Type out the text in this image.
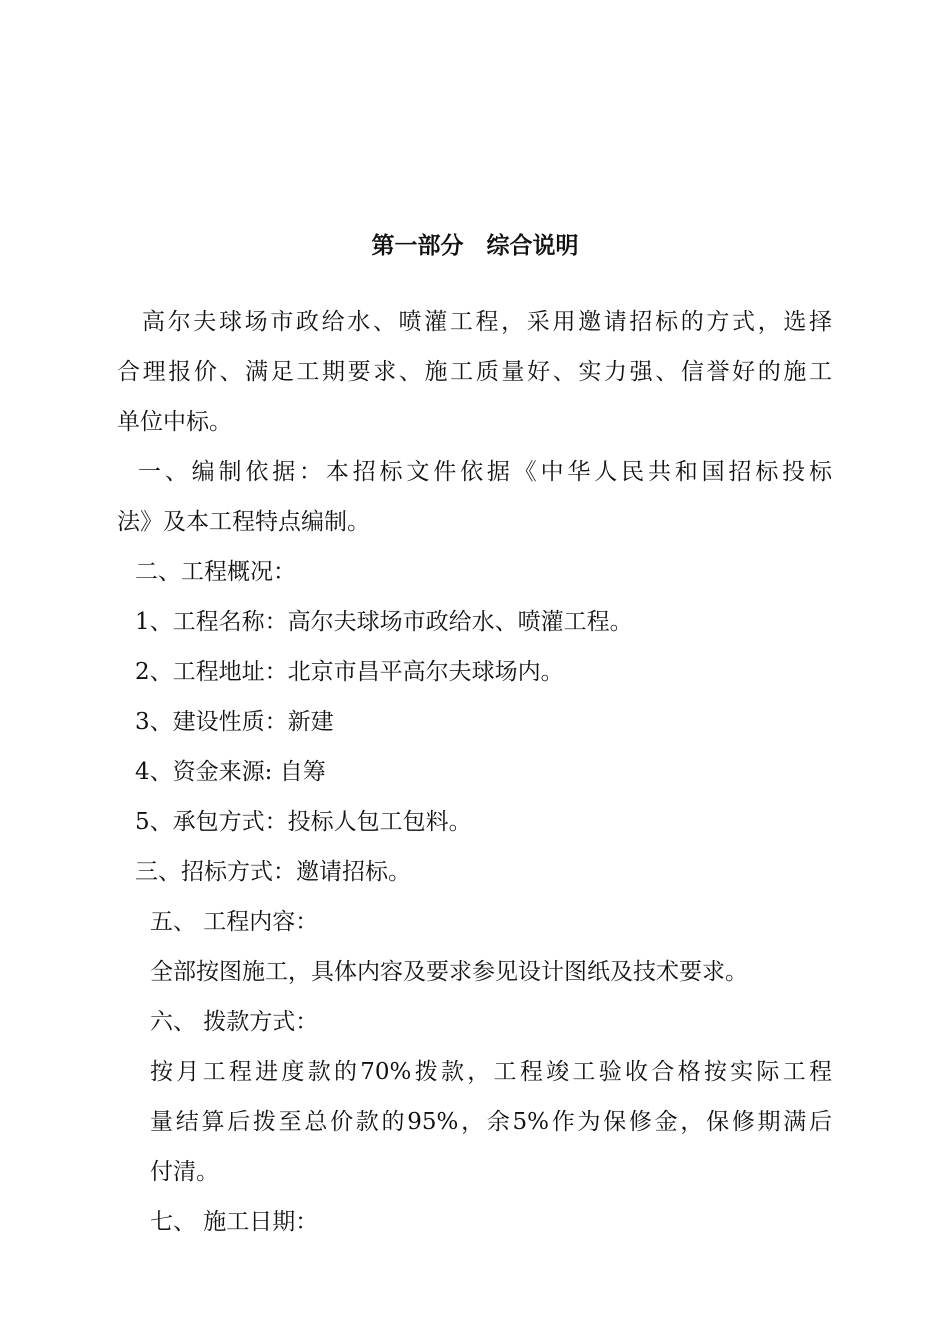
第一部分　综合说明

高尔夫球场市政给水、喷灌工程，采用邀请招标的方式，选择

合理报价、满足工期要求、施工质量好、实力强、信誉好的施工

单位中标。

一、编制依据：本招标文件依据《中华人民共和国招标投标

法》及本工程特点编制。

二、工程概况：

1、工程名称：高尔夫球场市政给水、喷灌工程。

2、工程地址：北京市昌平高尔夫球场内。

3、建设性质：新建

4、资金来源: 自筹

5、承包方式：投标人包工包料。

三、招标方式：邀请招标。

五、 工程内容：

全部按图施工，具体内容及要求参见设计图纸及技术要求。

六、 拨款方式：

按月工程进度款的70%拨款，工程竣工验收合格按实际工程

量结算后拨至总价款的95%，余5%作为保修金，保修期满后

付清。

七、 施工日期：
